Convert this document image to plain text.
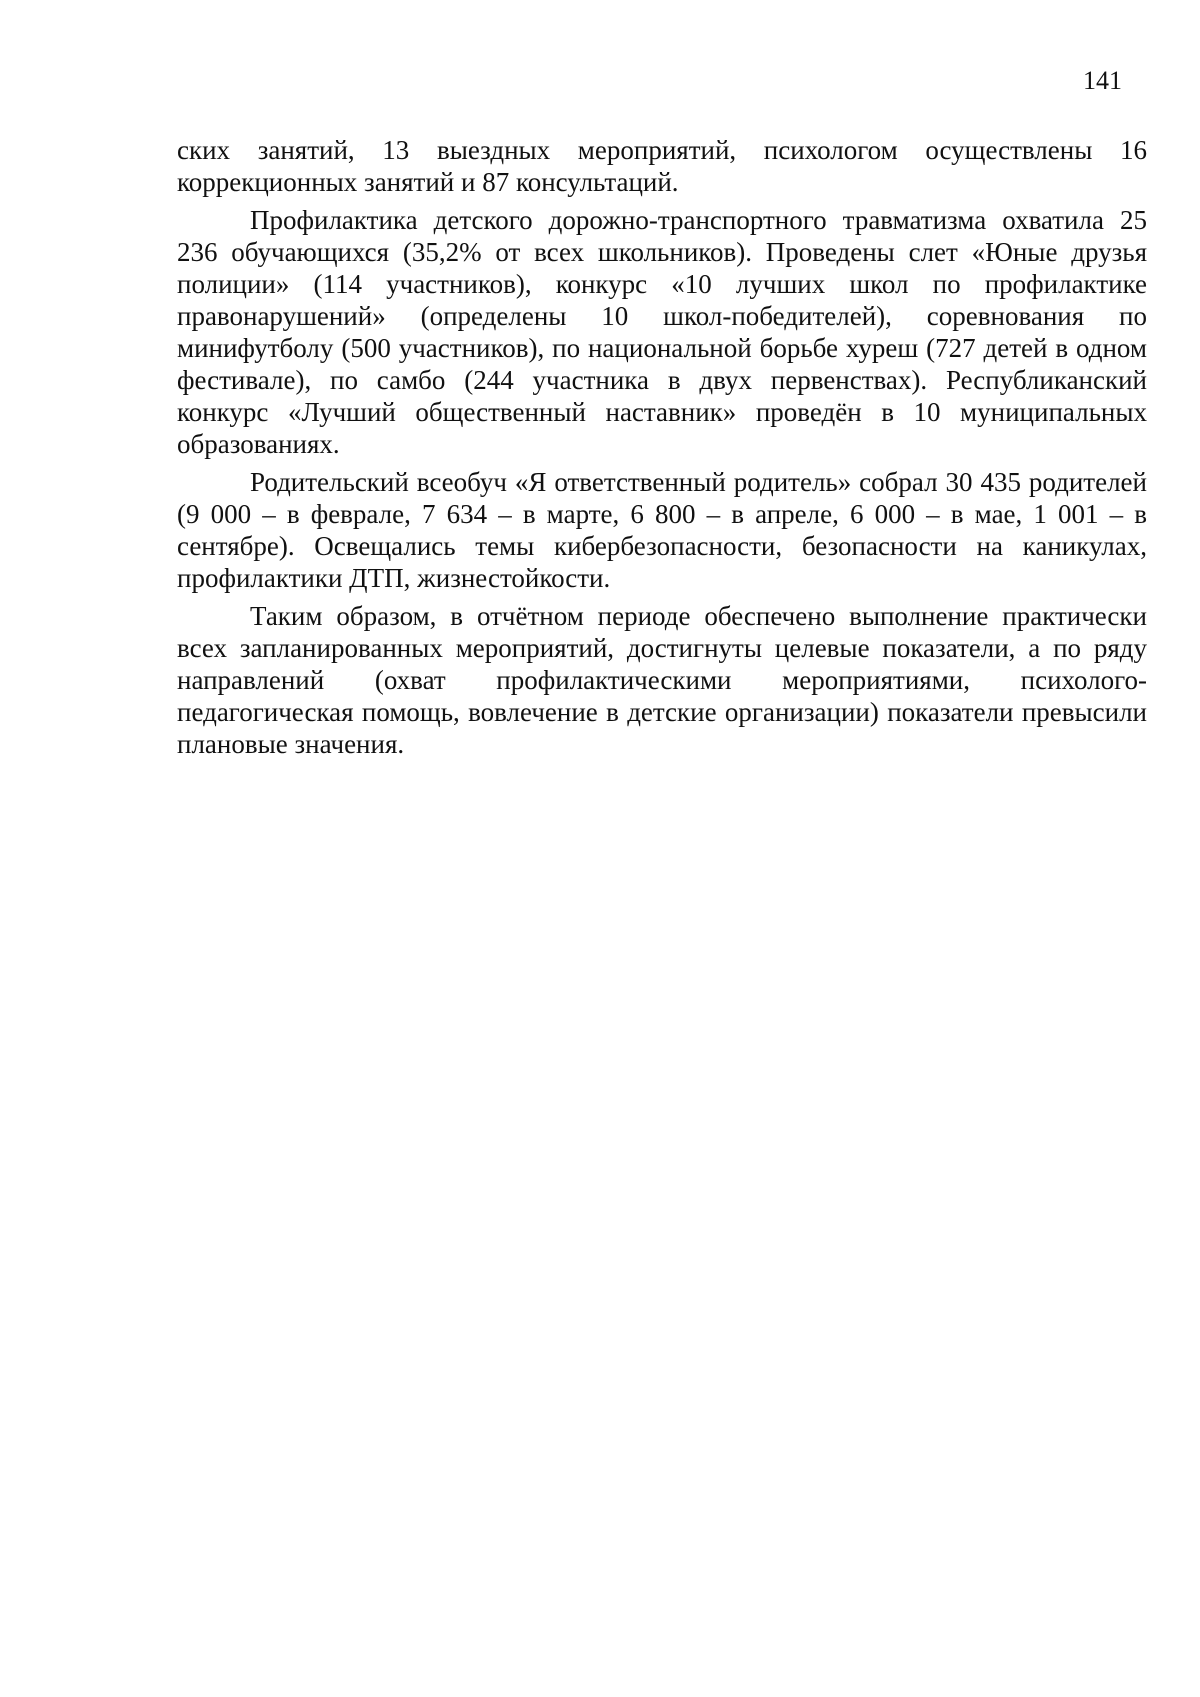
141

ских занятий, 13 выездных мероприятий, психологом осуществлены 16 коррекционных занятий и 87 консультаций.

Профилактика детского дорожно-транспортного травматизма охватила 25 236 обучающихся (35,2% от всех школьников). Проведены слет «Юные друзья полиции» (114 участников), конкурс «10 лучших школ по профилактике правонарушений» (определены 10 школ-победителей), соревнования по минифутболу (500 участников), по национальной борьбе хуреш (727 детей в одном фестивале), по самбо (244 участника в двух первенствах). Республиканский конкурс «Лучший общественный наставник» проведён в 10 муниципальных образованиях.

Родительский всеобуч «Я ответственный родитель» собрал 30 435 родителей (9 000 – в феврале, 7 634 – в марте, 6 800 – в апреле, 6 000 – в мае, 1 001 – в сентябре). Освещались темы кибербезопасности, безопасности на каникулах, профилактики ДТП, жизнестойкости.

Таким образом, в отчётном периоде обеспечено выполнение практически всех запланированных мероприятий, достигнуты целевые показатели, а по ряду направлений (охват профилактическими мероприятиями, психолого-педагогическая помощь, вовлечение в детские организации) показатели превысили плановые значения.
